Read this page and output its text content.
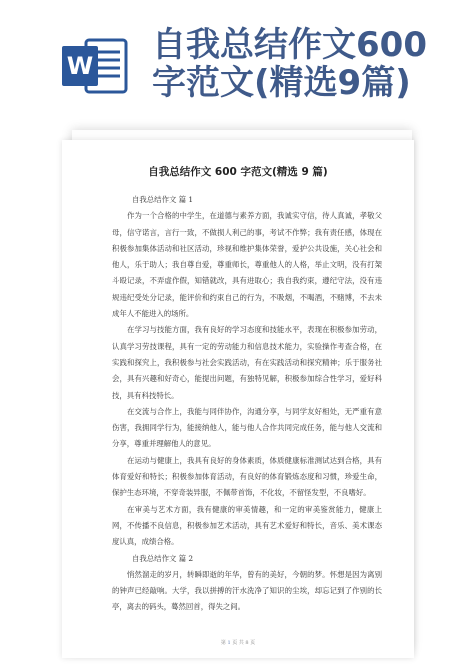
W
自我总结作文600字范文(精选9篇)
自我总结作文 600 字范文(精选 9 篇)

自我总结作文 篇 1

作为一个合格的中学生，在道德与素养方面，我诚实守信，待人真诚，孝敬父母，信守诺言，言行一致，不做损人利己的事，考试不作弊；我有责任感，体现在积极参加集体活动和社区活动，珍视和维护集体荣誉，爱护公共设施，关心社会和他人，乐于助人；我自尊自爱，尊重师长，尊重他人的人格，举止文明，没有打架斗殴记录，不弄虚作假，知错就改，具有进取心；我自我约束，遵纪守法，没有违规违纪受处分记录，能评价和约束自己的行为，不吸烟，不喝酒，不赌博，不去未成年人不能进入的场所。

在学习与技能方面，我有良好的学习态度和技能水平，表现在积极参加劳动，认真学习劳技课程，具有一定的劳动能力和信息技术能力，实验操作考查合格，在实践和探究上，我积极参与社会实践活动，有在实践活动和探究精神；乐于服务社会，具有兴趣和好奇心，能提出问题，有独特见解，积极参加综合性学习，爱好科技，具有科技特长。

在交流与合作上，我能与同伴协作，沟通分享，与同学友好相处，无严重有意伤害，我拥同学行为，能接纳他人，能与他人合作共同完成任务，能与他人交流和分享，尊重并理解他人的意见。

在运动与健康上，我具有良好的身体素质，体质健康标准测试达到合格，具有体育爱好和特长；积极参加体育活动，有良好的体育锻炼态度和习惯，珍爱生命，保护生态环境，不穿奇装异服，不佩带首饰，不化妆，不留怪发型，不良嗜好。

在审美与艺术方面，我有健康的审美情趣，和一定的审美鉴赏能力，健康上网，不传播不良信息，积极参加艺术活动，具有艺术爱好和特长，音乐、美术课态度认真，成绩合格。

自我总结作文 篇 2

悄然溜走的岁月，转瞬即逝的年华，曾有的美好，今朝的梦。怀想是因为离别的钟声已经敲响。大学，我以拼搏的汗水洗净了知识的尘埃，却忘记到了作别的长亭，离去的码头，蓦然回首，得失之间。

第 1 页 共 8 页
